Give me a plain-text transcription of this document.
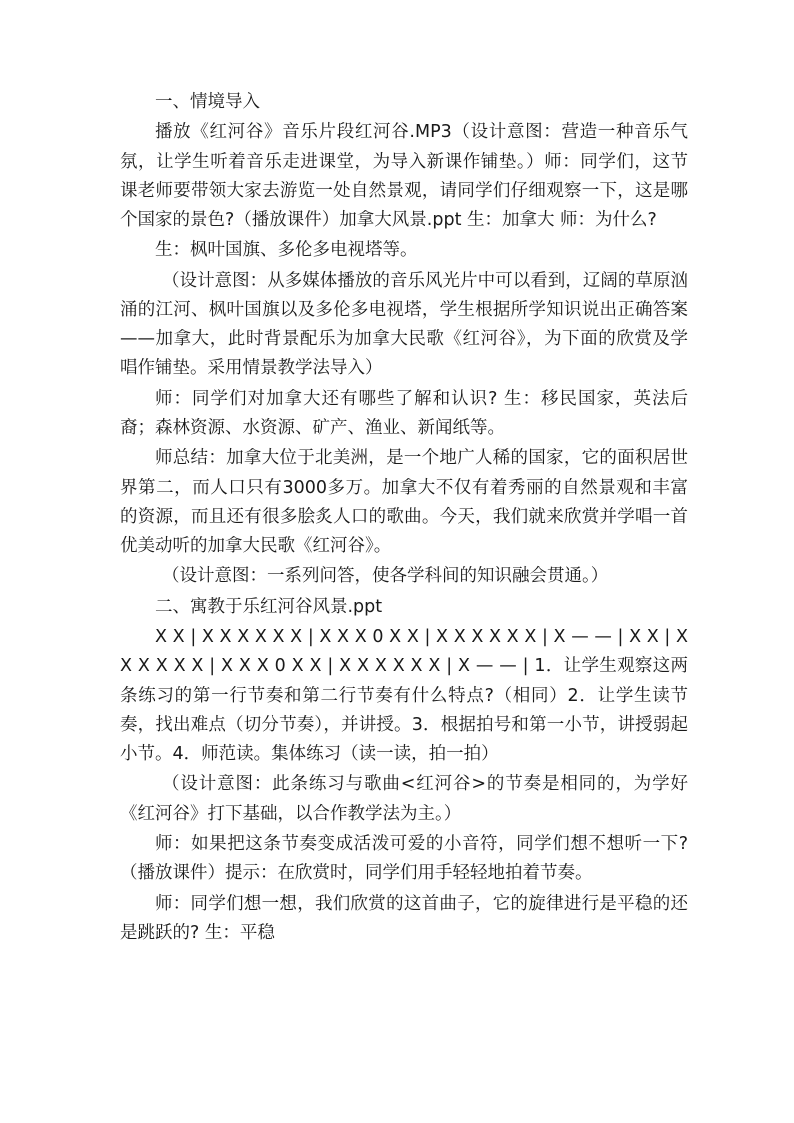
一、情境导入

播放《红河谷》音乐片段红河谷.MP3（设计意图：营造一种音乐气氛，让学生听着音乐走进课堂，为导入新课作铺垫。）师：同学们，这节课老师要带领大家去游览一处自然景观，请同学们仔细观察一下，这是哪个国家的景色?（播放课件）加拿大风景.ppt 生：加拿大 师：为什么?

生：枫叶国旗、多伦多电视塔等。

（设计意图：从多媒体播放的音乐风光片中可以看到，辽阔的草原汹涌的江河、枫叶国旗以及多伦多电视塔，学生根据所学知识说出正确答案——加拿大，此时背景配乐为加拿大民歌《红河谷》，为下面的欣赏及学唱作铺垫。采用情景教学法导入）

师：同学们对加拿大还有哪些了解和认识? 生：移民国家，英法后裔；森林资源、水资源、矿产、渔业、新闻纸等。

师总结：加拿大位于北美洲，是一个地广人稀的国家，它的面积居世界第二，而人口只有3000多万。加拿大不仅有着秀丽的自然景观和丰富的资源，而且还有很多脍炙人口的歌曲。今天，我们就来欣赏并学唱一首优美动听的加拿大民歌《红河谷》。

（设计意图：一系列问答，使各学科间的知识融会贯通。）

二、寓教于乐红河谷风景.ppt

X X | X X X X X X | X X X 0 X X | X X X X X X | X — — | X X | X X X X X X | X X X 0 X X | X X X X X X | X — — | 1．让学生观察这两条练习的第一行节奏和第二行节奏有什么特点?（相同）2．让学生读节奏，找出难点（切分节奏），并讲授。3．根据拍号和第一小节，讲授弱起小节。4．师范读。集体练习（读一读，拍一拍）

（设计意图：此条练习与歌曲<红河谷>的节奏是相同的，为学好《红河谷》打下基础，以合作教学法为主。）

师：如果把这条节奏变成活泼可爱的小音符，同学们想不想听一下?（播放课件）提示：在欣赏时，同学们用手轻轻地拍着节奏。

师：同学们想一想，我们欣赏的这首曲子，它的旋律进行是平稳的还是跳跃的? 生：平稳
